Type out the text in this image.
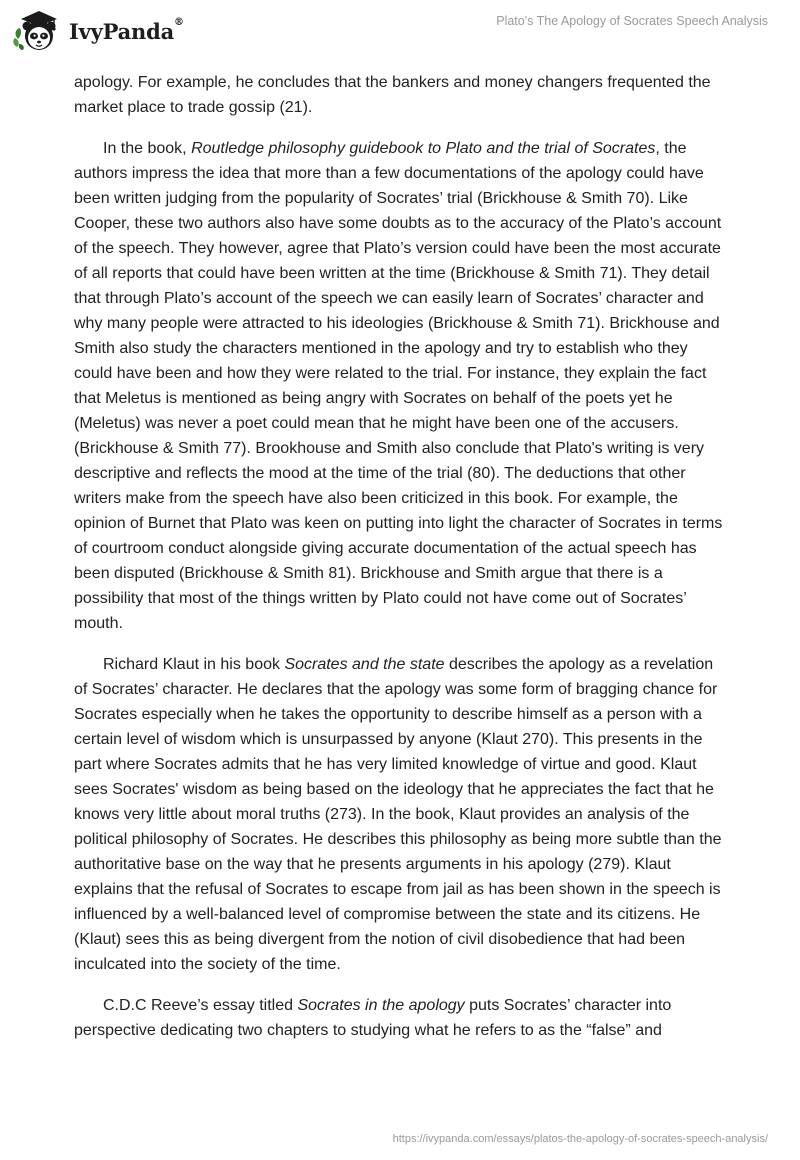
IvyPanda®	Plato's The Apology of Socrates Speech Analysis

apology. For example, he concludes that the bankers and money changers frequented the market place to trade gossip (21).

In the book, Routledge philosophy guidebook to Plato and the trial of Socrates, the authors impress the idea that more than a few documentations of the apology could have been written judging from the popularity of Socrates’ trial (Brickhouse & Smith 70). Like Cooper, these two authors also have some doubts as to the accuracy of the Plato’s account of the speech. They however, agree that Plato’s version could have been the most accurate of all reports that could have been written at the time (Brickhouse & Smith 71). They detail that through Plato’s account of the speech we can easily learn of Socrates’ character and why many people were attracted to his ideologies (Brickhouse & Smith 71). Brickhouse and Smith also study the characters mentioned in the apology and try to establish who they could have been and how they were related to the trial. For instance, they explain the fact that Meletus is mentioned as being angry with Socrates on behalf of the poets yet he (Meletus) was never a poet could mean that he might have been one of the accusers. (Brickhouse & Smith 77). Brookhouse and Smith also conclude that Plato's writing is very descriptive and reflects the mood at the time of the trial (80). The deductions that other writers make from the speech have also been criticized in this book. For example, the opinion of Burnet that Plato was keen on putting into light the character of Socrates in terms of courtroom conduct alongside giving accurate documentation of the actual speech has been disputed (Brickhouse & Smith 81). Brickhouse and Smith argue that there is a possibility that most of the things written by Plato could not have come out of Socrates’ mouth.

Richard Klaut in his book Socrates and the state describes the apology as a revelation of Socrates’ character. He declares that the apology was some form of bragging chance for Socrates especially when he takes the opportunity to describe himself as a person with a certain level of wisdom which is unsurpassed by anyone (Klaut 270). This presents in the part where Socrates admits that he has very limited knowledge of virtue and good. Klaut sees Socrates' wisdom as being based on the ideology that he appreciates the fact that he knows very little about moral truths (273). In the book, Klaut provides an analysis of the political philosophy of Socrates. He describes this philosophy as being more subtle than the authoritative base on the way that he presents arguments in his apology (279). Klaut explains that the refusal of Socrates to escape from jail as has been shown in the speech is influenced by a well-balanced level of compromise between the state and its citizens. He (Klaut) sees this as being divergent from the notion of civil disobedience that had been inculcated into the society of the time.

C.D.C Reeve’s essay titled Socrates in the apology puts Socrates’ character into perspective dedicating two chapters to studying what he refers to as the “false” and

https://ivypanda.com/essays/platos-the-apology-of-socrates-speech-analysis/
